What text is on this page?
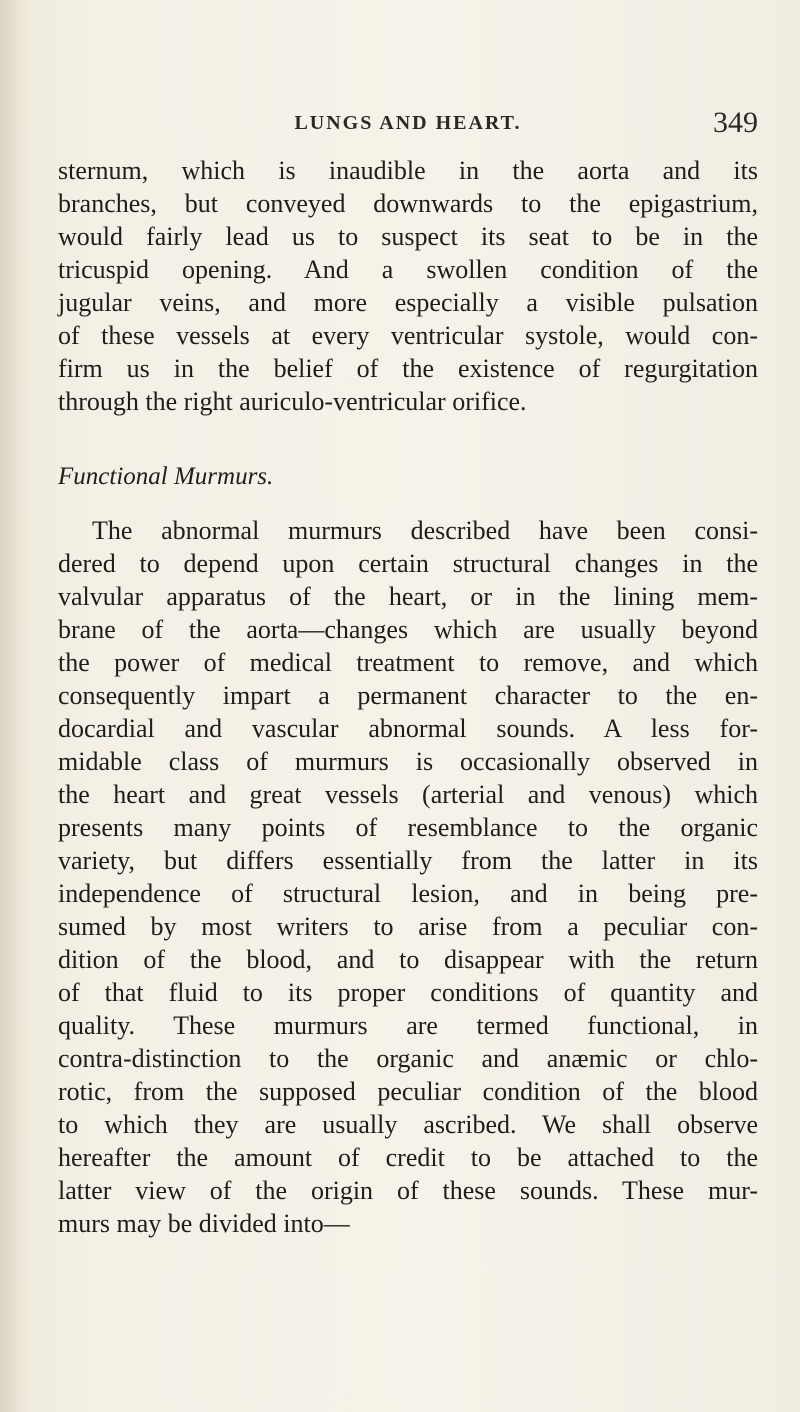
LUNGS AND HEART.	349
sternum, which is inaudible in the aorta and its
branches, but conveyed downwards to the epigastrium,
would fairly lead us to suspect its seat to be in the
tricuspid opening. And a swollen condition of the
jugular veins, and more especially a visible pulsation
of these vessels at every ventricular systole, would con-
firm us in the belief of the existence of regurgitation
through the right auriculo-ventricular orifice.
Functional Murmurs.
The abnormal murmurs described have been consi-
dered to depend upon certain structural changes in the
valvular apparatus of the heart, or in the lining mem-
brane of the aorta—changes which are usually beyond
the power of medical treatment to remove, and which
consequently impart a permanent character to the en-
docardial and vascular abnormal sounds. A less for-
midable class of murmurs is occasionally observed in
the heart and great vessels (arterial and venous) which
presents many points of resemblance to the organic
variety, but differs essentially from the latter in its
independence of structural lesion, and in being pre-
sumed by most writers to arise from a peculiar con-
dition of the blood, and to disappear with the return
of that fluid to its proper conditions of quantity and
quality. These murmurs are termed functional, in
contra-distinction to the organic and anæmic or chlo-
rotic, from the supposed peculiar condition of the blood
to which they are usually ascribed. We shall observe
hereafter the amount of credit to be attached to the
latter view of the origin of these sounds. These mur-
murs may be divided into—
